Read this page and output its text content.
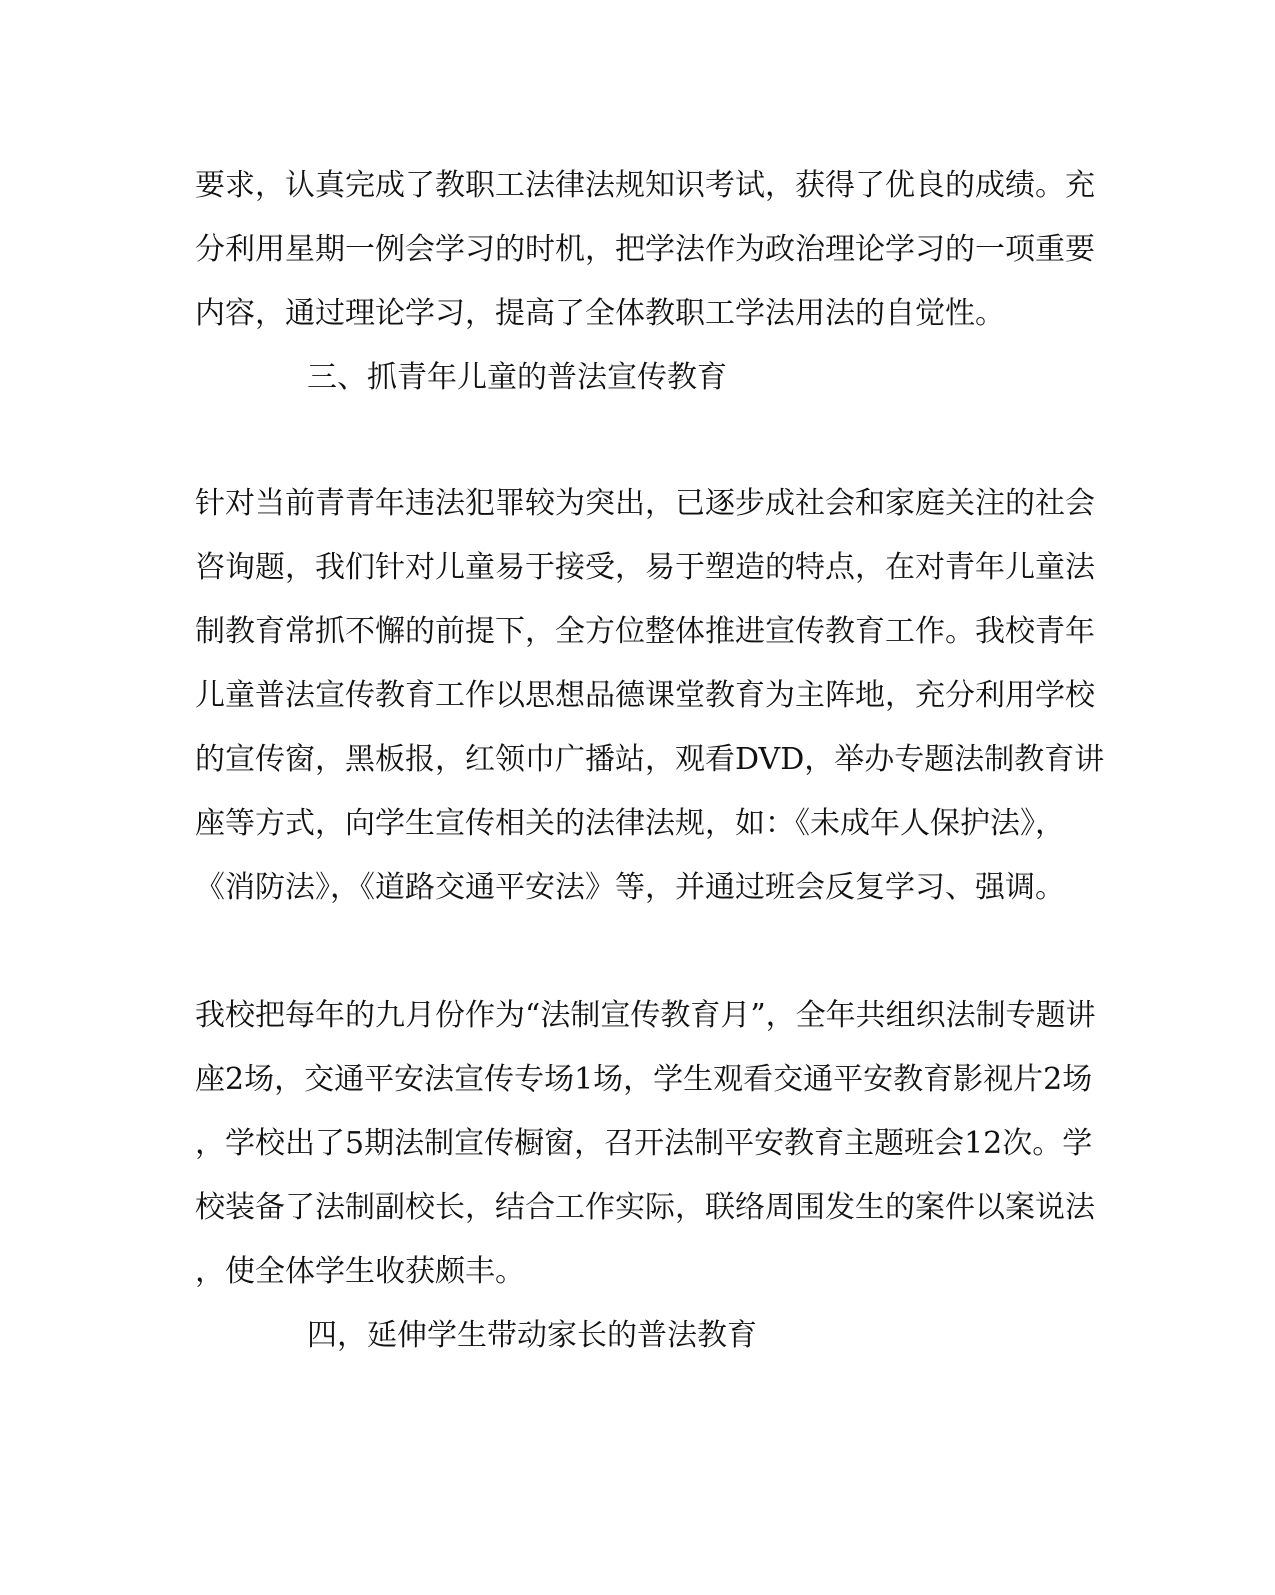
要求，认真完成了教职工法律法规知识考试，获得了优良的成绩。充
分利用星期一例会学习的时机，把学法作为政治理论学习的一项重要
内容，通过理论学习，提高了全体教职工学法用法的自觉性。
三、抓青年儿童的普法宣传教育
针对当前青青年违法犯罪较为突出，已逐步成社会和家庭关注的社会
咨询题，我们针对儿童易于接受，易于塑造的特点，在对青年儿童法
制教育常抓不懈的前提下，全方位整体推进宣传教育工作。我校青年
儿童普法宣传教育工作以思想品德课堂教育为主阵地，充分利用学校
的宣传窗，黑板报，红领巾广播站，观看DVD，举办专题法制教育讲
座等方式，向学生宣传相关的法律法规，如：《未成年人保护法》，
《消防法》，《道路交通平安法》等，并通过班会反复学习、强调。
我校把每年的九月份作为“法制宣传教育月”，全年共组织法制专题讲
座2场，交通平安法宣传专场1场，学生观看交通平安教育影视片2场
，学校出了5期法制宣传橱窗，召开法制平安教育主题班会12次。学
校装备了法制副校长，结合工作实际，联络周围发生的案件以案说法
，使全体学生收获颇丰。
四，延伸学生带动家长的普法教育
